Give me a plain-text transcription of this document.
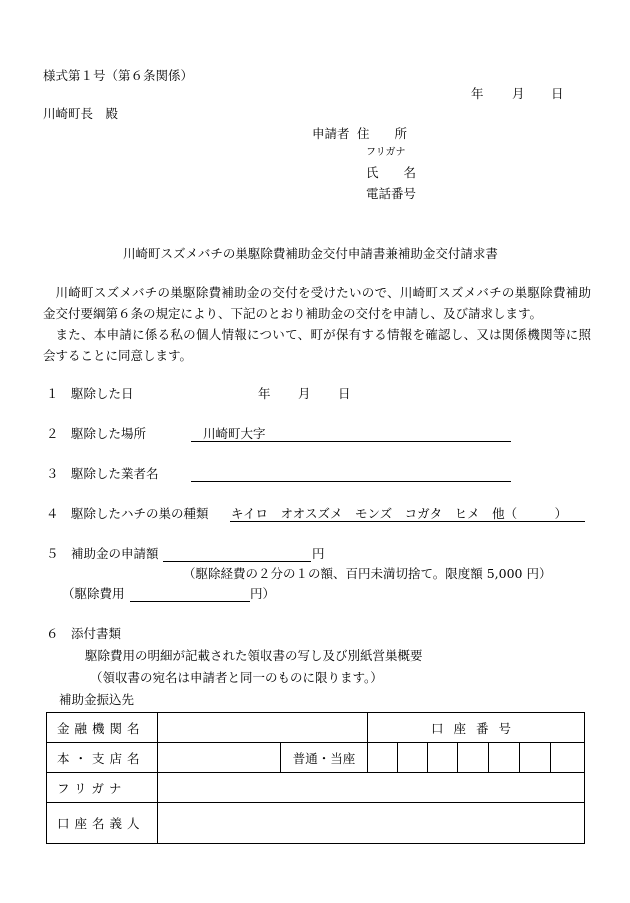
様式第１号（第６条関係）
年 月 日
川崎町長　殿
申請者 住　　所
フリガナ
氏　　名
電話番号
川崎町スズメバチの巣駆除費補助金交付申請書兼補助金交付請求書

川崎町スズメバチの巣駆除費補助金の交付を受けたいので、川崎町スズメバチの巣駆除費補助金交付要綱第６条の規定により、下記のとおり補助金の交付を申請し、及び請求します。

また、本申請に係る私の個人情報について、町が保有する情報を確認し、又は関係機関等に照会することに同意します。

１ 駆除した日	年 月 日
２ 駆除した場所	川崎町大字
３ 駆除した業者名
４ 駆除したハチの巣の種類 キイロ　オオスズメ　モンズ　コガタ　ヒメ　他（　　　）
５ 補助金の申請額	円
（駆除経費の２分の１の額、百円未満切捨て。限度額 5,000 円）
（駆除費用	円）
６ 添付書類
駆除費用の明細が記載された領収書の写し及び別紙営巣概要
（領収書の宛名は申請者と同一のものに限ります。）
補助金振込先
金融機関名			口座番号						
本・支店名		普通・当座							
フリガナ									
口座名義人									
